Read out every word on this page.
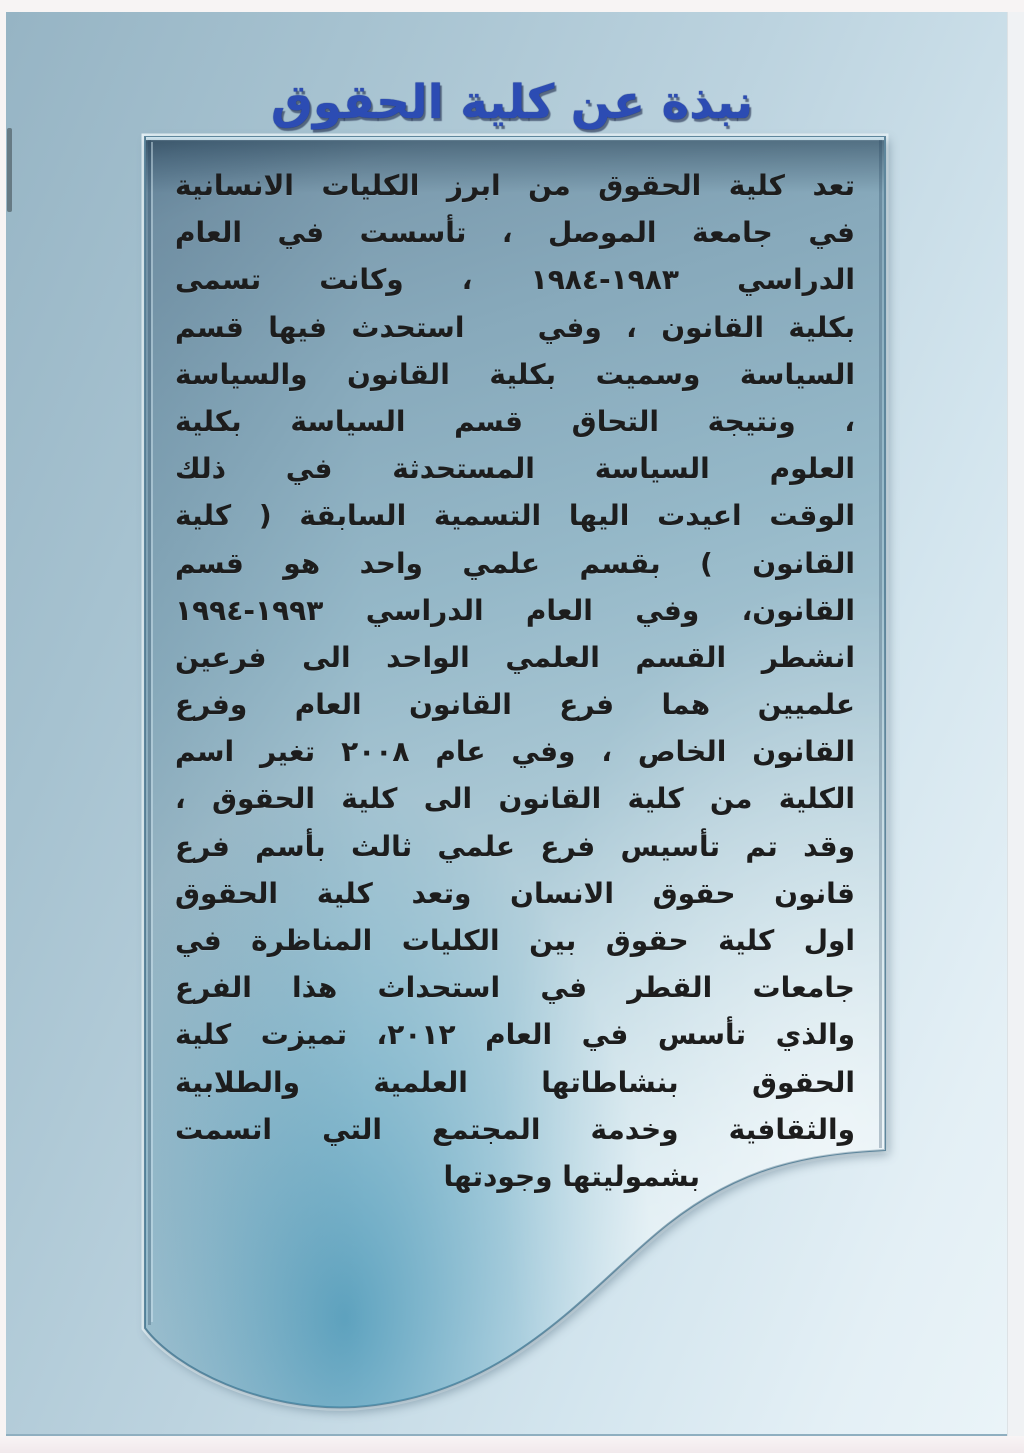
نبذة عن كلية الحقوق
تعد كلية الحقوق من ابرز الكليات الانسانية
في جامعة الموصل ، تأسست في العام
الدراسي ١٩٨٣-١٩٨٤ ، وكانت تسمى
بكلية القانون ، وفي   استحدث فيها قسم
السياسة وسميت بكلية القانون والسياسة
، ونتيجة التحاق قسم السياسة بكلية
العلوم السياسة المستحدثة في ذلك
الوقت اعيدت اليها التسمية السابقة ( كلية
القانون ) بقسم علمي واحد هو قسم
القانون، وفي العام الدراسي ١٩٩٣-١٩٩٤
انشطر القسم العلمي الواحد الى فرعين
علميين هما فرع القانون العام وفرع
القانون الخاص ، وفي عام ٢٠٠٨ تغير اسم
الكلية من كلية القانون الى كلية الحقوق ،
وقد تم تأسيس فرع علمي ثالث بأسم فرع
قانون حقوق الانسان وتعد كلية الحقوق
اول كلية حقوق بين الكليات المناظرة في
جامعات القطر في استحداث هذا الفرع
والذي تأسس في العام ٢٠١٢، تميزت كلية
الحقوق بنشاطاتها العلمية والطلابية
والثقافية وخدمة المجتمع التي اتسمت
بشموليتها وجودتها
